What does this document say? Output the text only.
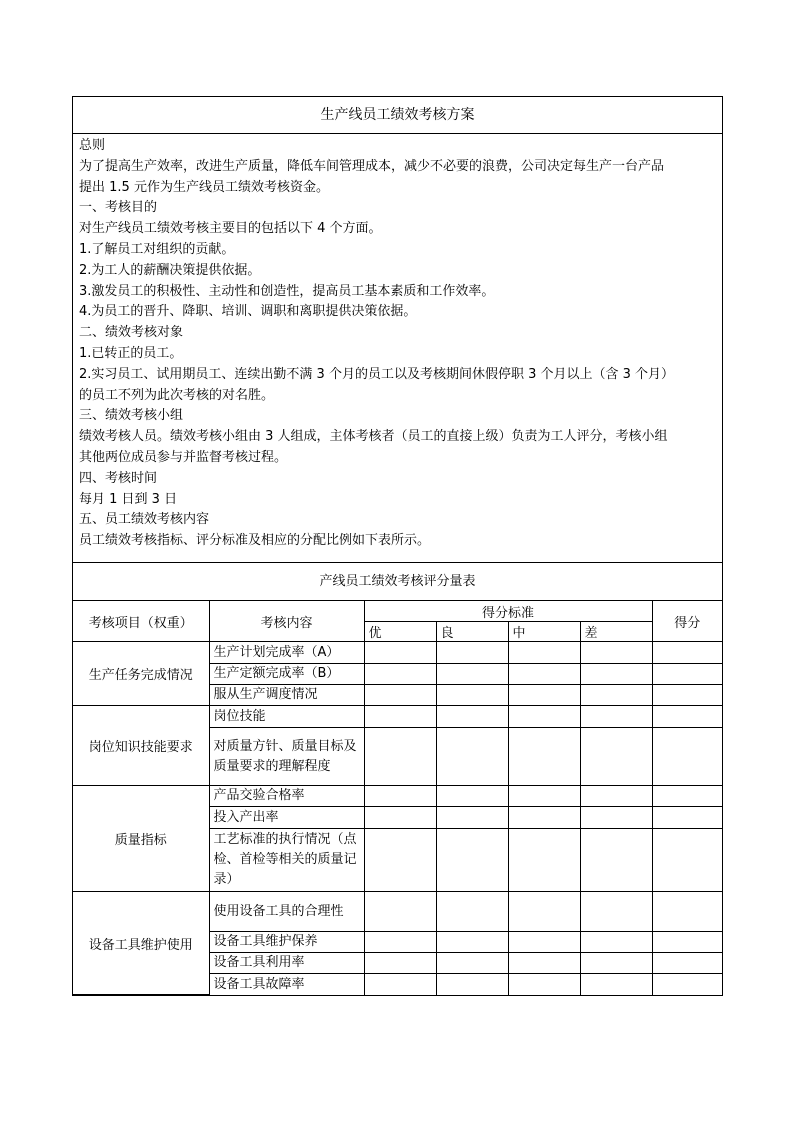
生产线员工绩效考核方案
总则
为了提高生产效率，改进生产质量，降低车间管理成本，减少不必要的浪费，公司决定每生产一台产品
提出 1.5 元作为生产线员工绩效考核资金。
一、考核目的
对生产线员工绩效考核主要目的包括以下 4 个方面。
1.了解员工对组织的贡献。
2.为工人的薪酬决策提供依据。
3.激发员工的积极性、主动性和创造性，提高员工基本素质和工作效率。
4.为员工的晋升、降职、培训、调职和离职提供决策依据。
二、绩效考核对象
1.已转正的员工。
2.实习员工、试用期员工、连续出勤不满 3 个月的员工以及考核期间休假停职 3 个月以上（含 3 个月）
的员工不列为此次考核的对名胜。
三、绩效考核小组
绩效考核人员。绩效考核小组由 3 人组成，主体考核者（员工的直接上级）负责为工人评分，考核小组
其他两位成员参与并监督考核过程。
四、考核时间
每月 1 日到 3 日
五、员工绩效考核内容
员工绩效考核指标、评分标准及相应的分配比例如下表所示。
产线员工绩效考核评分量表
考核项目（权重）	考核内容	得分标准				得分
		优	良	中	差	
生产任务完成情况	生产计划完成率（A）					
	生产定额完成率（B）					
	服从生产调度情况					
岗位知识技能要求	岗位技能					
	对质量方针、质量目标及质量要求的理解程度					
质量指标	产品交验合格率					
	投入产出率					
	工艺标准的执行情况（点检、首检等相关的质量记录）					
设备工具维护使用	使用设备工具的合理性					
	设备工具维护保养					
	设备工具利用率					
	设备工具故障率					
